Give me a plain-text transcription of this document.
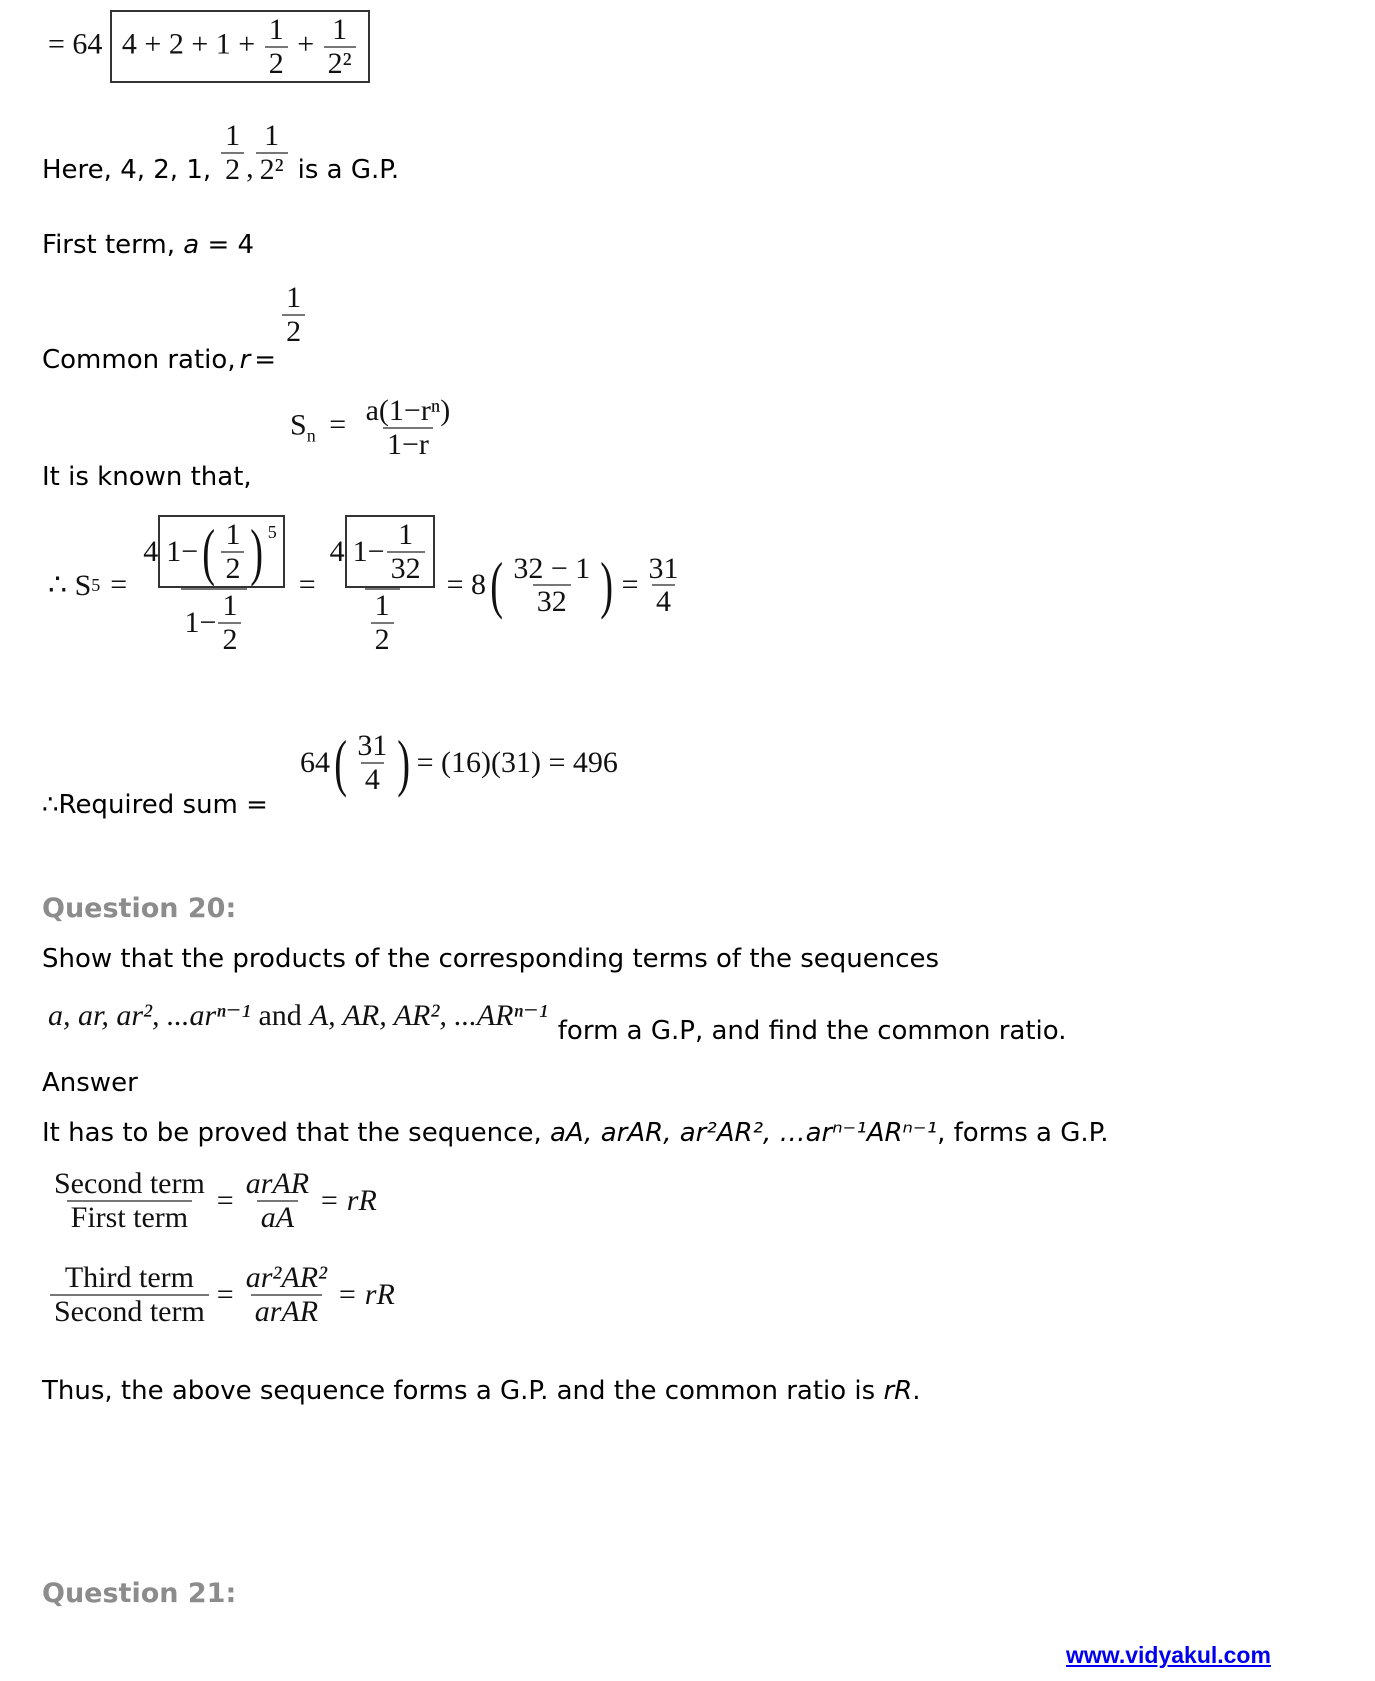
= 64 $4 + 2 + 1 + \frac{1}{2} + \frac{1}{\text{2²}}$
Here, 4, 2, 1, $\frac{1}{2}$ , $\frac{1}{\text{2²}}$ is a G.P.
First term, a = 4
Common ratio, r =
$\frac{1}{2}$
It is known that,
$S_n = \frac{\text{a(1−rⁿ)}}{1-r}$
∴ S $5 = \frac{4 1- ( \frac{1}{2} )^5}{1- \frac{1}{2}} = \frac{4 1- \frac{1}{32}}{\frac{1}{2}} = 8$ ( $\frac{32 - 1}{32}$ ) = $\frac{31}{4}$
∴Required sum =
64 ( $\frac{31}{4}$ ) = (16)(31) = 496
Question 20:
Show that the products of the corresponding terms of the sequences
a, ar, ar², ...arⁿ⁻¹ and A, AR, AR², ...ARⁿ⁻¹ form a G.P, and find the common ratio.
Answer
It has to be proved that the sequence, aA, arAR, ar²AR², …arⁿ⁻¹ARⁿ⁻¹, forms a G.P.
$\frac{\text{Second term}}{\text{First term}} = \frac{\text{arAR}}{aA}$ = rR
$\frac{\text{Third term}}{\text{Second term}} = \frac{\text{ar²AR²}}{\text{arAR}}$ = rR
Thus, the above sequence forms a G.P. and the common ratio is rR.
Question 21:
www.vidyakul.com
